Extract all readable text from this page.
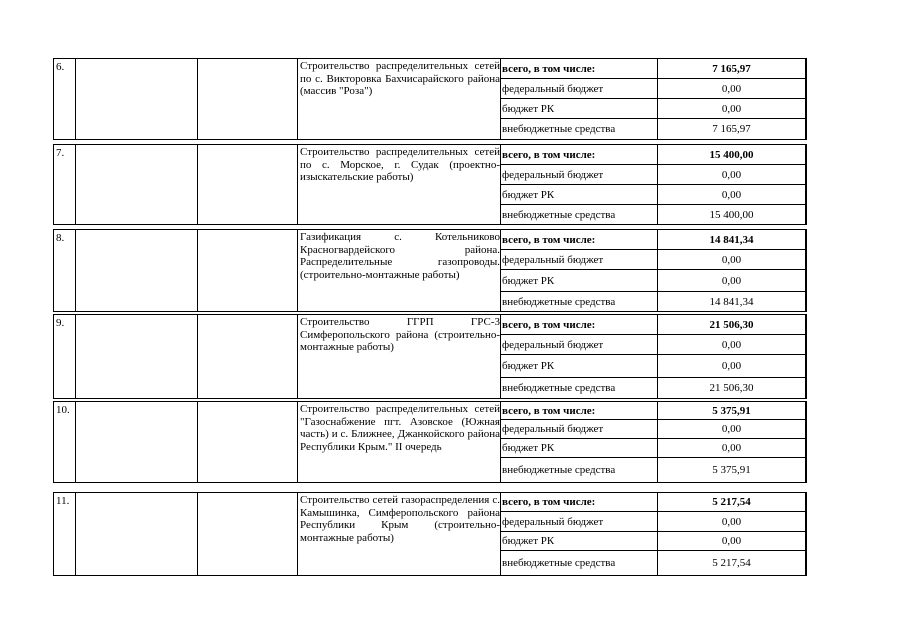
6.	Строительство распределительных сетей по с. Викторовка Бахчисарайского района (массив "Роза")
всего, в том числе:	7 165,97
федеральный бюджет	0,00
бюджет РК	0,00
внебюджетные средства	7 165,97
7.	Строительство распределительных сетей по с. Морское, г. Судак (проектно-изыскательские работы)
всего, в том числе:	15 400,00
федеральный бюджет	0,00
бюджет РК	0,00
внебюджетные средства	15 400,00
8.	Газификация с. Котельниково Красногвардейского района. Распределительные газопроводы. (строительно-монтажные работы)
всего, в том числе:	14 841,34
федеральный бюджет	0,00
бюджет РК	0,00
внебюджетные средства	14 841,34
9.	Строительство ГГРП ГРС-3 Симферопольского района (строительно-монтажные работы)
всего, в том числе:	21 506,30
федеральный бюджет	0,00
бюджет РК	0,00
внебюджетные средства	21 506,30
10.	Строительство распределительных сетей "Газоснабжение пгт. Азовское (Южная часть) и с. Ближнее, Джанкойского района Республики Крым." II очередь
всего, в том числе:	5 375,91
федеральный бюджет	0,00
бюджет РК	0,00
внебюджетные средства	5 375,91
11.	Строительство сетей газораспределения с. Камышинка, Симферопольского района Республики Крым (строительно-монтажные работы)
всего, в том числе:	5 217,54
федеральный бюджет	0,00
бюджет РК	0,00
внебюджетные средства	5 217,54
